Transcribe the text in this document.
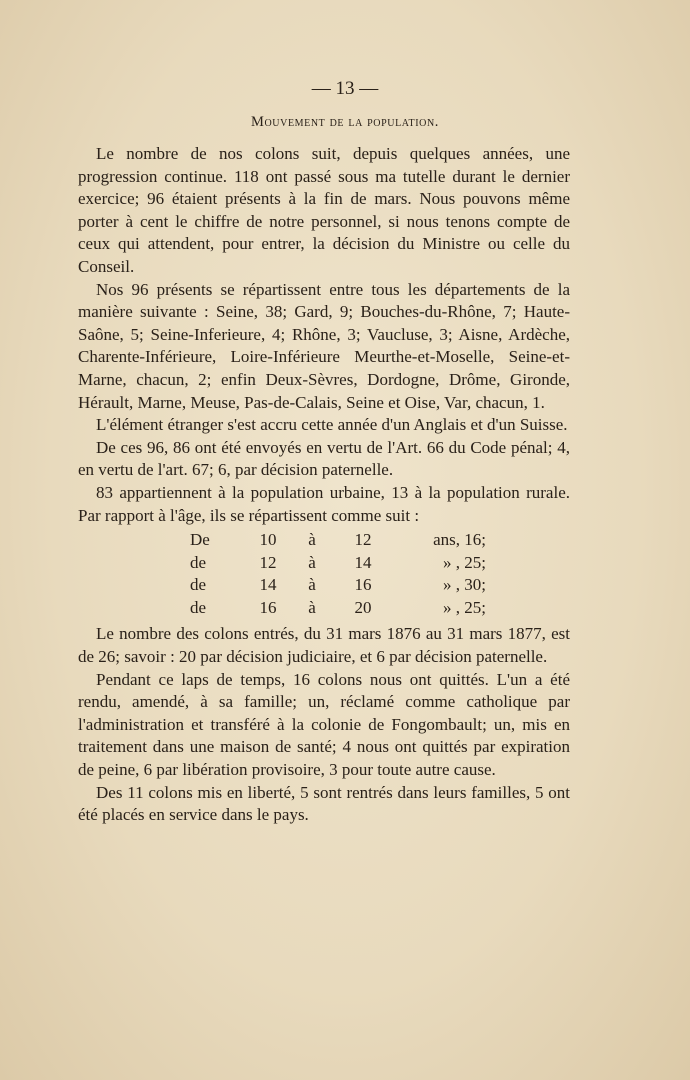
— 13 —
Mouvement de la population.

Le nombre de nos colons suit, depuis quelques années, une progression continue. 118 ont passé sous ma tutelle durant le dernier exercice; 96 étaient présents à la fin de mars. Nous pouvons même porter à cent le chiffre de notre personnel, si nous tenons compte de ceux qui attendent, pour entrer, la décision du Ministre ou celle du Conseil.

Nos 96 présents se répartissent entre tous les départements de la manière suivante : Seine, 38; Gard, 9; Bouches-du-Rhône, 7; Haute-Saône, 5; Seine-Inferieure, 4; Rhône, 3; Vaucluse, 3; Aisne, Ardèche, Charente-Inférieure, Loire-Inférieure Meurthe-et-Moselle, Seine-et-Marne, chacun, 2; enfin Deux-Sèvres, Dordogne, Drôme, Gironde, Hérault, Marne, Meuse, Pas-de-Calais, Seine et Oise, Var, chacun, 1.

L'élément étranger s'est accru cette année d'un Anglais et d'un Suisse.

De ces 96, 86 ont été envoyés en vertu de l'Art. 66 du Code pénal; 4, en vertu de l'art. 67; 6, par décision paternelle.

83 appartiennent à la population urbaine, 13 à la population rurale. Par rapport à l'âge, ils se répartissent comme suit :

De	10	à	12	ans, 16;
de	12	à	14	» , 25;
de	14	à	16	» , 30;
de	16	à	20	» , 25;

Le nombre des colons entrés, du 31 mars 1876 au 31 mars 1877, est de 26; savoir : 20 par décision judiciaire, et 6 par décision paternelle.

Pendant ce laps de temps, 16 colons nous ont quittés. L'un a été rendu, amendé, à sa famille; un, réclamé comme catholique par l'administration et transféré à la colonie de Fongombault; un, mis en traitement dans une maison de santé; 4 nous ont quittés par expiration de peine, 6 par libération provisoire, 3 pour toute autre cause.

Des 11 colons mis en liberté, 5 sont rentrés dans leurs familles, 5 ont été placés en service dans le pays.
